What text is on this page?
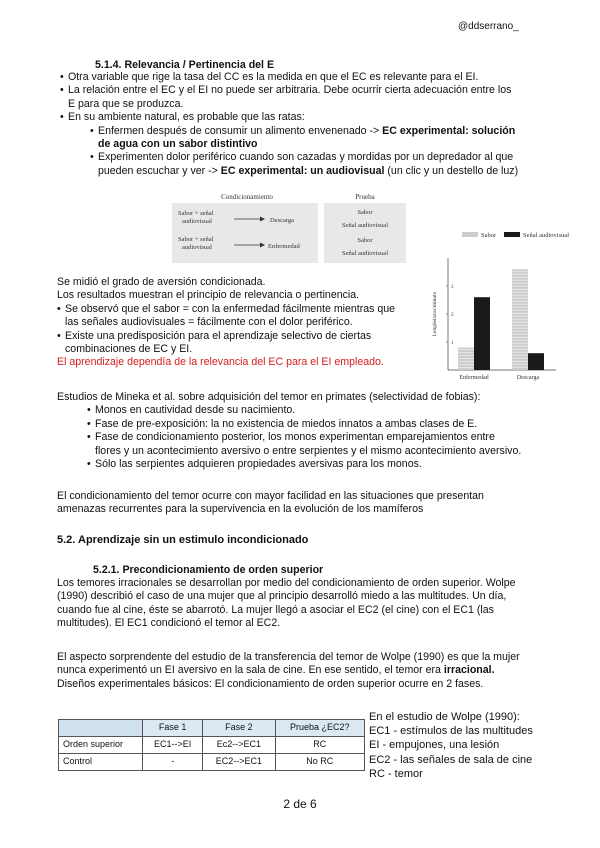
@ddserrano_
5.1.4. Relevancia / Pertinencia del E
• Otra variable que rige la tasa del CC es la medida en que el EC es relevante para el EI.
• La relación entre el EC y el EI no puede ser arbitraria. Debe ocurrir cierta adecuación entre los
E para que se produzca.
• En su ambiente natural, es probable que las ratas:
• Enfermen después de consumir un alimento envenenado -> EC experimental: solución
de agua con un sabor distintivo
• Experimenten dolor periférico cuando son cazadas y mordidas por un depredador al que
pueden escuchar y ver -> EC experimental: un audiovisual (un clic y un destello de luz)
Condicionamiento	Prueba
Sabor + señal
audiovisual	Descarga
Sabor + señal
audiovisual	Enfermedad
Sabor
Señal audiovisual
Sabor
Señal audiovisual
1
2
3
Lengüetazos/minuto
Enfermedad	Descarga
Sabor	Señal audiovisual
Se midió el grado de aversión condicionada.
Los resultados muestran el principio de relevancia o pertinencia.
• Se observó que el sabor = con la enfermedad fácilmente mientras que
las señales audiovisuales = fácilmente con el dolor periférico.
• Existe una predisposición para el aprendizaje selectivo de ciertas
combinaciones de EC y EI.
El aprendizaje dependía de la relevancia del EC para el EI empleado.
Estudios de Mineka et al. sobre adquisición del temor en primates (selectividad de fobias):
• Monos en cautividad desde su nacimiento.
• Fase de pre-exposición: la no existencia de miedos innatos a ambas clases de E.
• Fase de condicionamiento posterior, los monos experimentan emparejamientos entre
flores y un acontecimiento aversivo o entre serpientes y el mismo acontecimiento aversivo.
• Sólo las serpientes adquieren propiedades aversivas para los monos.
El condicionamiento del temor ocurre con mayor facilidad en las situaciones que presentan
amenazas recurrentes para la supervivencia en la evolución de los mamíferos
5.2. Aprendizaje sin un estimulo incondicionado
5.2.1. Precondicionamiento de orden superior
Los temores irracionales se desarrollan por medio del condicionamiento de orden superior. Wolpe
(1990) describió el caso de una mujer que al principio desarrolló miedo a las multitudes. Un día,
cuando fue al cine, éste se abarrotó. La mujer llegó a asociar el EC2 (el cine) con el EC1 (las
multitudes). El EC1 condicionó el temor al EC2.
El aspecto sorprendente del estudio de la transferencia del temor de Wolpe (1990) es que la mujer
nunca experimentó un EI aversivo en la sala de cine. En ese sentido, el temor era irracional.
Diseños experimentales básicos: El condicionamiento de orden superior ocurre en 2 fases.
	Fase 1	Fase 2	Prueba ¿EC2?
Orden superior	EC1-->EI	Ec2-->EC1	RC
Control	-	EC2-->EC1	No RC
En el estudio de Wolpe (1990):
EC1 - estímulos de las multitudes
EI - empujones, una lesión
EC2 - las señales de sala de cine
RC - temor
2 de 6
